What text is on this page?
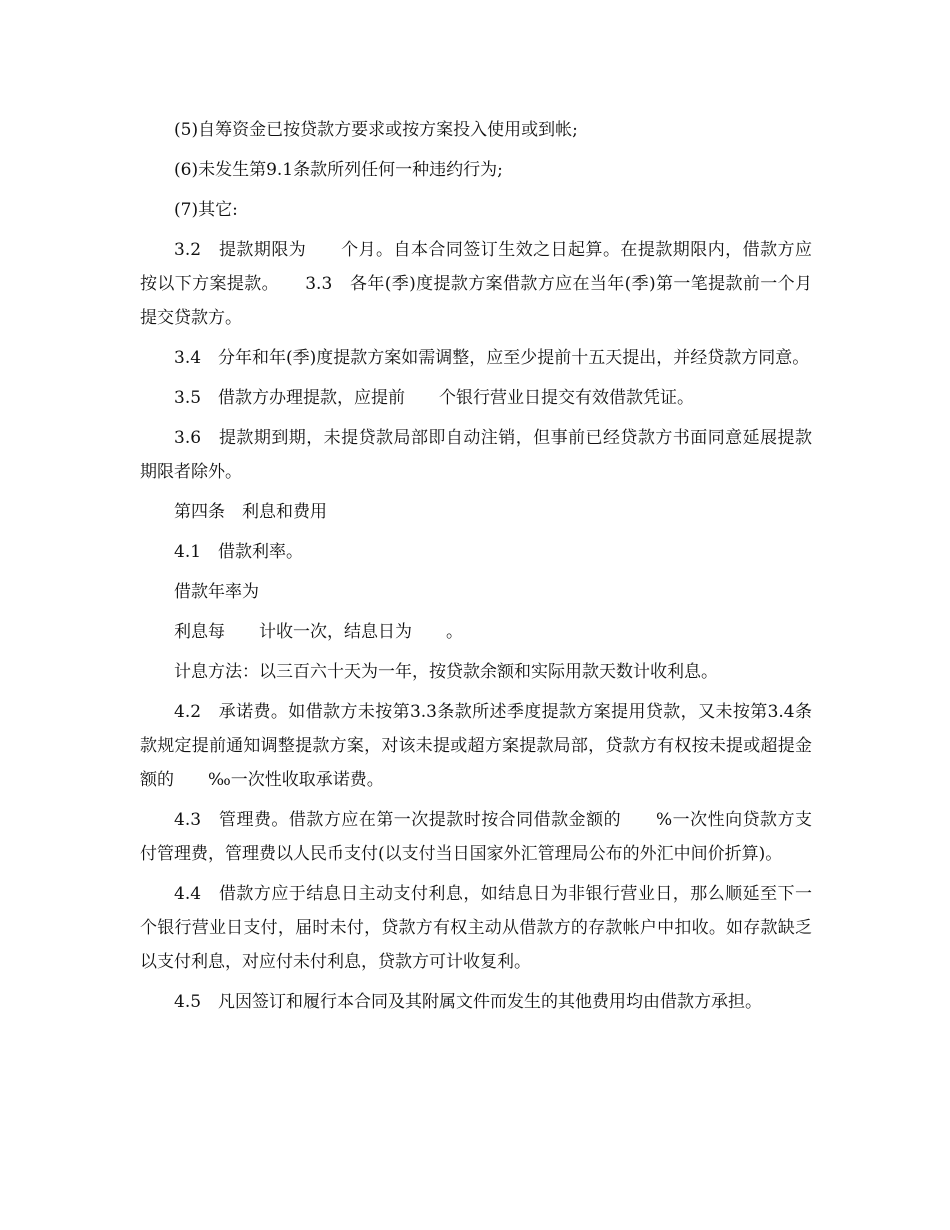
(5)自筹资金已按贷款方要求或按方案投入使用或到帐;

(6)未发生第9.1条款所列任何一种违约行为;

(7)其它:

3.2　提款期限为　　个月。自本合同签订生效之日起算。在提款期限内，借款方应按以下方案提款。　　3.3　各年(季)度提款方案借款方应在当年(季)第一笔提款前一个月提交贷款方。

3.4　分年和年(季)度提款方案如需调整，应至少提前十五天提出，并经贷款方同意。

3.5　借款方办理提款，应提前　　个银行营业日提交有效借款凭证。

3.6　提款期到期，未提贷款局部即自动注销，但事前已经贷款方书面同意延展提款期限者除外。

第四条　利息和费用

4.1　借款利率。

借款年率为

利息每　　计收一次，结息日为　　。

计息方法：以三百六十天为一年，按贷款余额和实际用款天数计收利息。

4.2　承诺费。如借款方未按第3.3条款所述季度提款方案提用贷款，又未按第3.4条款规定提前通知调整提款方案，对该未提或超方案提款局部，贷款方有权按未提或超提金额的　　‰一次性收取承诺费。

4.3　管理费。借款方应在第一次提款时按合同借款金额的　　%一次性向贷款方支付管理费，管理费以人民币支付(以支付当日国家外汇管理局公布的外汇中间价折算)。

4.4　借款方应于结息日主动支付利息，如结息日为非银行营业日，那么顺延至下一个银行营业日支付，届时未付，贷款方有权主动从借款方的存款帐户中扣收。如存款缺乏以支付利息，对应付未付利息，贷款方可计收复利。

4.5　凡因签订和履行本合同及其附属文件而发生的其他费用均由借款方承担。
